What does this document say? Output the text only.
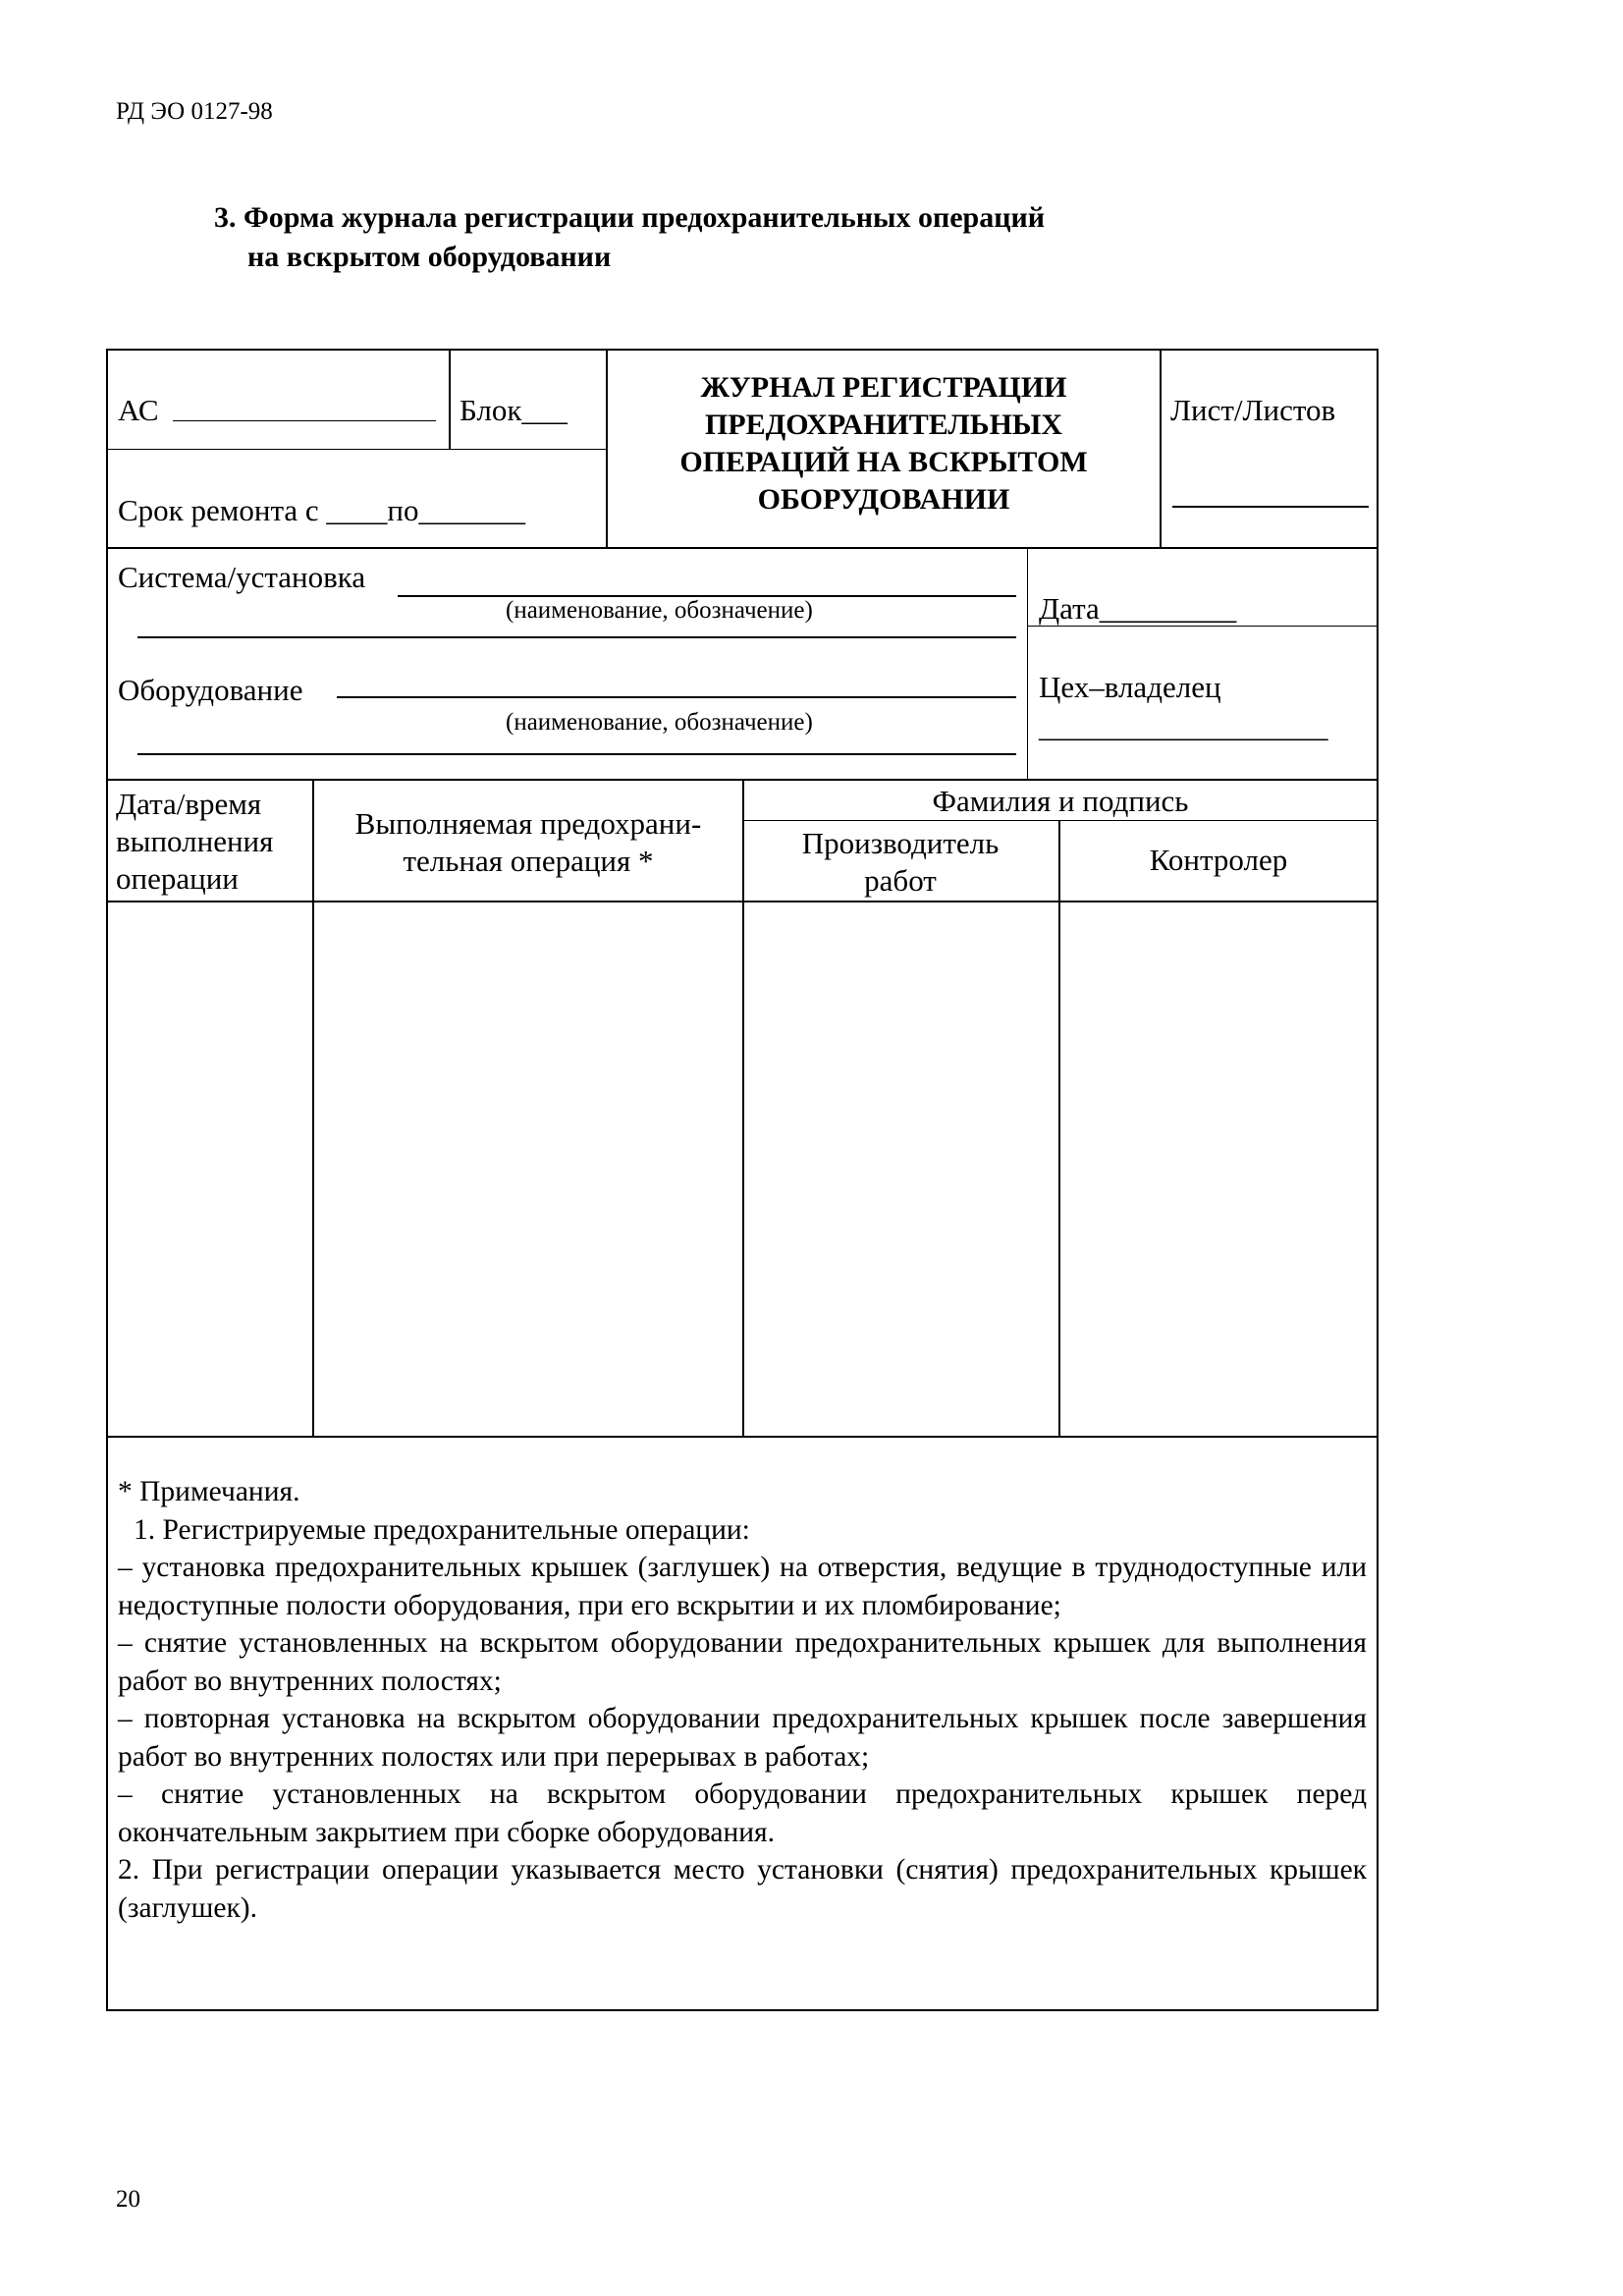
РД ЭО 0127-98
3. Форма журнала регистрации предохранительных операций
на вскрытом оборудовании
АС	Блок___
Срок ремонта с ____по_______
ЖУРНАЛ РЕГИСТРАЦИИ
ПРЕДОХРАНИТЕЛЬНЫХ
ОПЕРАЦИЙ НА ВСКРЫТОМ
ОБОРУДОВАНИИ
Лист/Листов
Система/установка
(наименование, обозначение)	Дата_________
Оборудование
(наименование, обозначение)
Цех–владелец
___________________
Дата/время
выполнения
операции
Выполняемая предохрани-
тельная операция *
Фамилия и подпись
Производитель
работ
Контролер

* Примечания.

1. Регистрируемые предохранительные операции:

– установка предохранительных крышек (заглушек) на отверстия, ведущие в труднодоступные или недоступные полости оборудования, при его вскрытии и их пломбирование;

– снятие установленных на вскрытом оборудовании предохранительных крышек для выполнения работ во внутренних полостях;

– повторная установка на вскрытом оборудовании предохранительных крышек после завершения работ во внутренних полостях или при перерывах в работах;

– снятие установленных на вскрытом оборудовании предохранительных крышек перед окончательным закрытием при сборке оборудования.

2. При регистрации операции указывается место установки (снятия) предохранительных крышек (заглушек).

20
